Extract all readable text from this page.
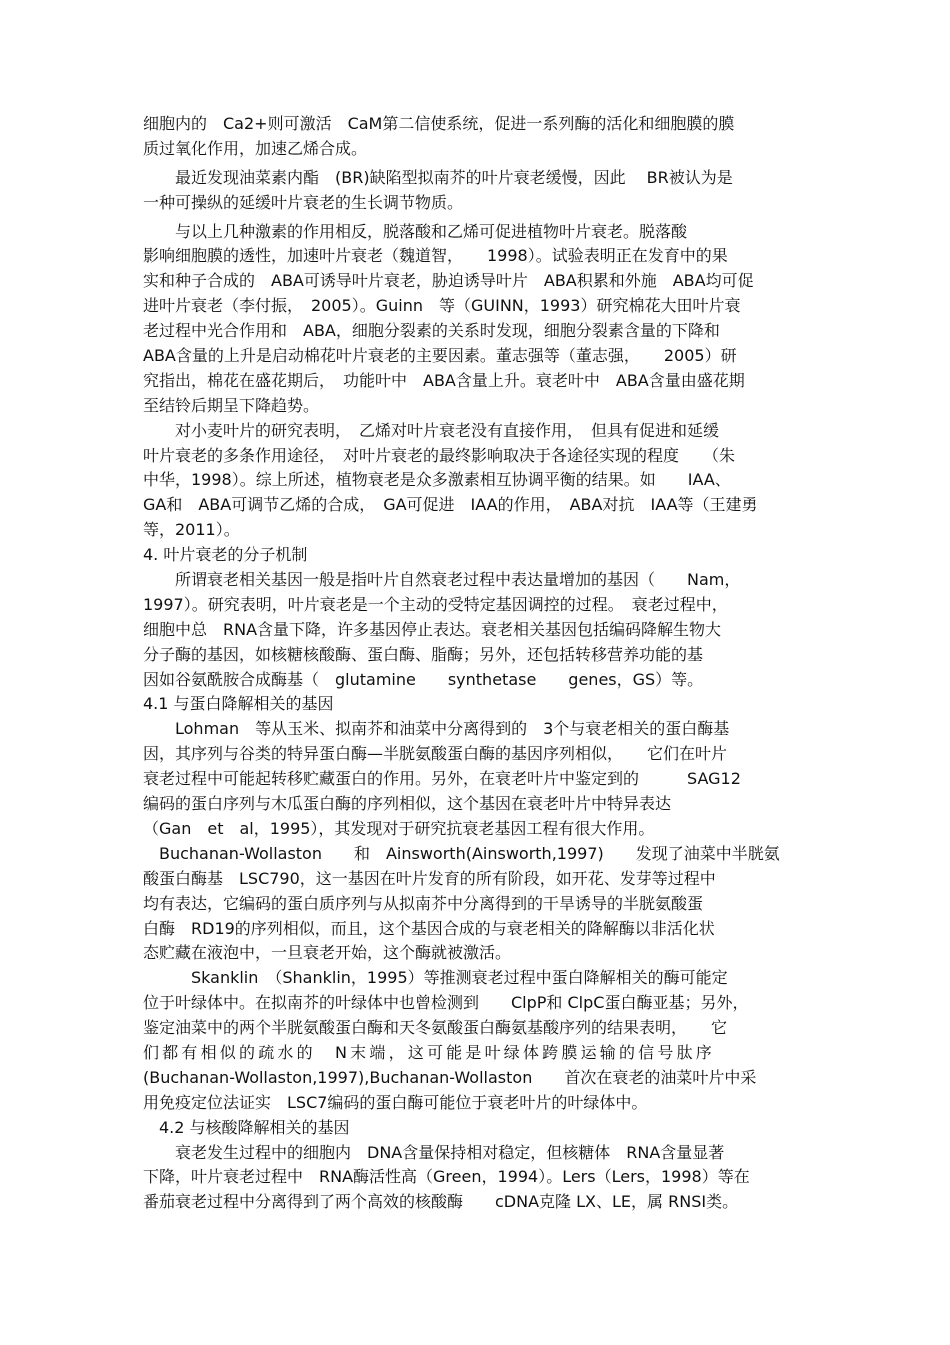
细胞内的　Ca2+则可激活　CaM第二信使系统，促进一系列酶的活化和细胞膜的膜
质过氧化作用，加速乙烯合成。
　　最近发现油菜素内酯　(BR)缺陷型拟南芥的叶片衰老缓慢，因此　 BR被认为是
一种可操纵的延缓叶片衰老的生长调节物质。
　　与以上几种激素的作用相反，脱落酸和乙烯可促进植物叶片衰老。脱落酸
影响细胞膜的透性，加速叶片衰老（魏道智，　　1998）。试验表明正在发育中的果
实和种子合成的　ABA可诱导叶片衰老，胁迫诱导叶片　ABA积累和外施　ABA均可促
进叶片衰老（李付振，　2005）。Guinn　等（GUINN，1993）研究棉花大田叶片衰
老过程中光合作用和　ABA，细胞分裂素的关系时发现，细胞分裂素含量的下降和
ABA含量的上升是启动棉花叶片衰老的主要因素。董志强等（董志强，　　2005）研
究指出，棉花在盛花期后，　功能叶中　ABA含量上升。衰老叶中　ABA含量由盛花期
至结铃后期呈下降趋势。
　　对小麦叶片的研究表明，　乙烯对叶片衰老没有直接作用，　但具有促进和延缓
叶片衰老的多条作用途径，　对叶片衰老的最终影响取决于各途径实现的程度　　（朱
中华，1998）。综上所述，植物衰老是众多激素相互协调平衡的结果。如　　IAA、
GA和　ABA可调节乙烯的合成，　GA可促进　IAA的作用，　ABA对抗　IAA等（王建勇
等，2011）。
4. 叶片衰老的分子机制
　　所谓衰老相关基因一般是指叶片自然衰老过程中表达量增加的基因（　　Nam，
1997）。研究表明，叶片衰老是一个主动的受特定基因调控的过程。　衰老过程中，
细胞中总　RNA含量下降，许多基因停止表达。衰老相关基因包括编码降解生物大
分子酶的基因，如核糖核酸酶、蛋白酶、脂酶；另外，还包括转移营养功能的基
因如谷氨酰胺合成酶基（　glutamine　　synthetase　　genes，GS）等。
4.1 与蛋白降解相关的基因
　　Lohman　等从玉米、拟南芥和油菜中分离得到的　3个与衰老相关的蛋白酶基
因，其序列与谷类的特异蛋白酶—半胱氨酸蛋白酶的基因序列相似，　　它们在叶片
衰老过程中可能起转移贮藏蛋白的作用。另外，在衰老叶片中鉴定到的　　　SAG12
编码的蛋白序列与木瓜蛋白酶的序列相似，这个基因在衰老叶片中特异表达
（Gan　et　al，1995），其发现对于研究抗衰老基因工程有很大作用。
　Buchanan-Wollaston　　和　Ainsworth(Ainsworth,1997)　　发现了油菜中半胱氨
酸蛋白酶基　LSC790，这一基因在叶片发育的所有阶段，如开花、发芽等过程中
均有表达，它编码的蛋白质序列与从拟南芥中分离得到的干旱诱导的半胱氨酸蛋
白酶　RD19的序列相似，而且，这个基因合成的与衰老相关的降解酶以非活化状
态贮藏在液泡中，一旦衰老开始，这个酶就被激活。
　　　Skanklin　（Shanklin，1995）等推测衰老过程中蛋白降解相关的酶可能定
位于叶绿体中。在拟南芥的叶绿体中也曾检测到　　ClpP和 ClpC蛋白酶亚基；另外，
鉴定油菜中的两个半胱氨酸蛋白酶和天冬氨酸蛋白酶氨基酸序列的结果表明，　　它
们都有相似的疏水的　N末端，这可能是叶绿体跨膜运输的信号肽序
(Buchanan-Wollaston,1997),Buchanan-Wollaston　　首次在衰老的油菜叶片中采
用免疫定位法证实　LSC7编码的蛋白酶可能位于衰老叶片的叶绿体中。
　4.2 与核酸降解相关的基因
　　衰老发生过程中的细胞内　DNA含量保持相对稳定，但核糖体　RNA含量显著
下降，叶片衰老过程中　RNA酶活性高（Green，1994）。Lers（Lers，1998）等在
番茄衰老过程中分离得到了两个高效的核酸酶　　cDNA克隆 LX、LE，属 RNSI类。
